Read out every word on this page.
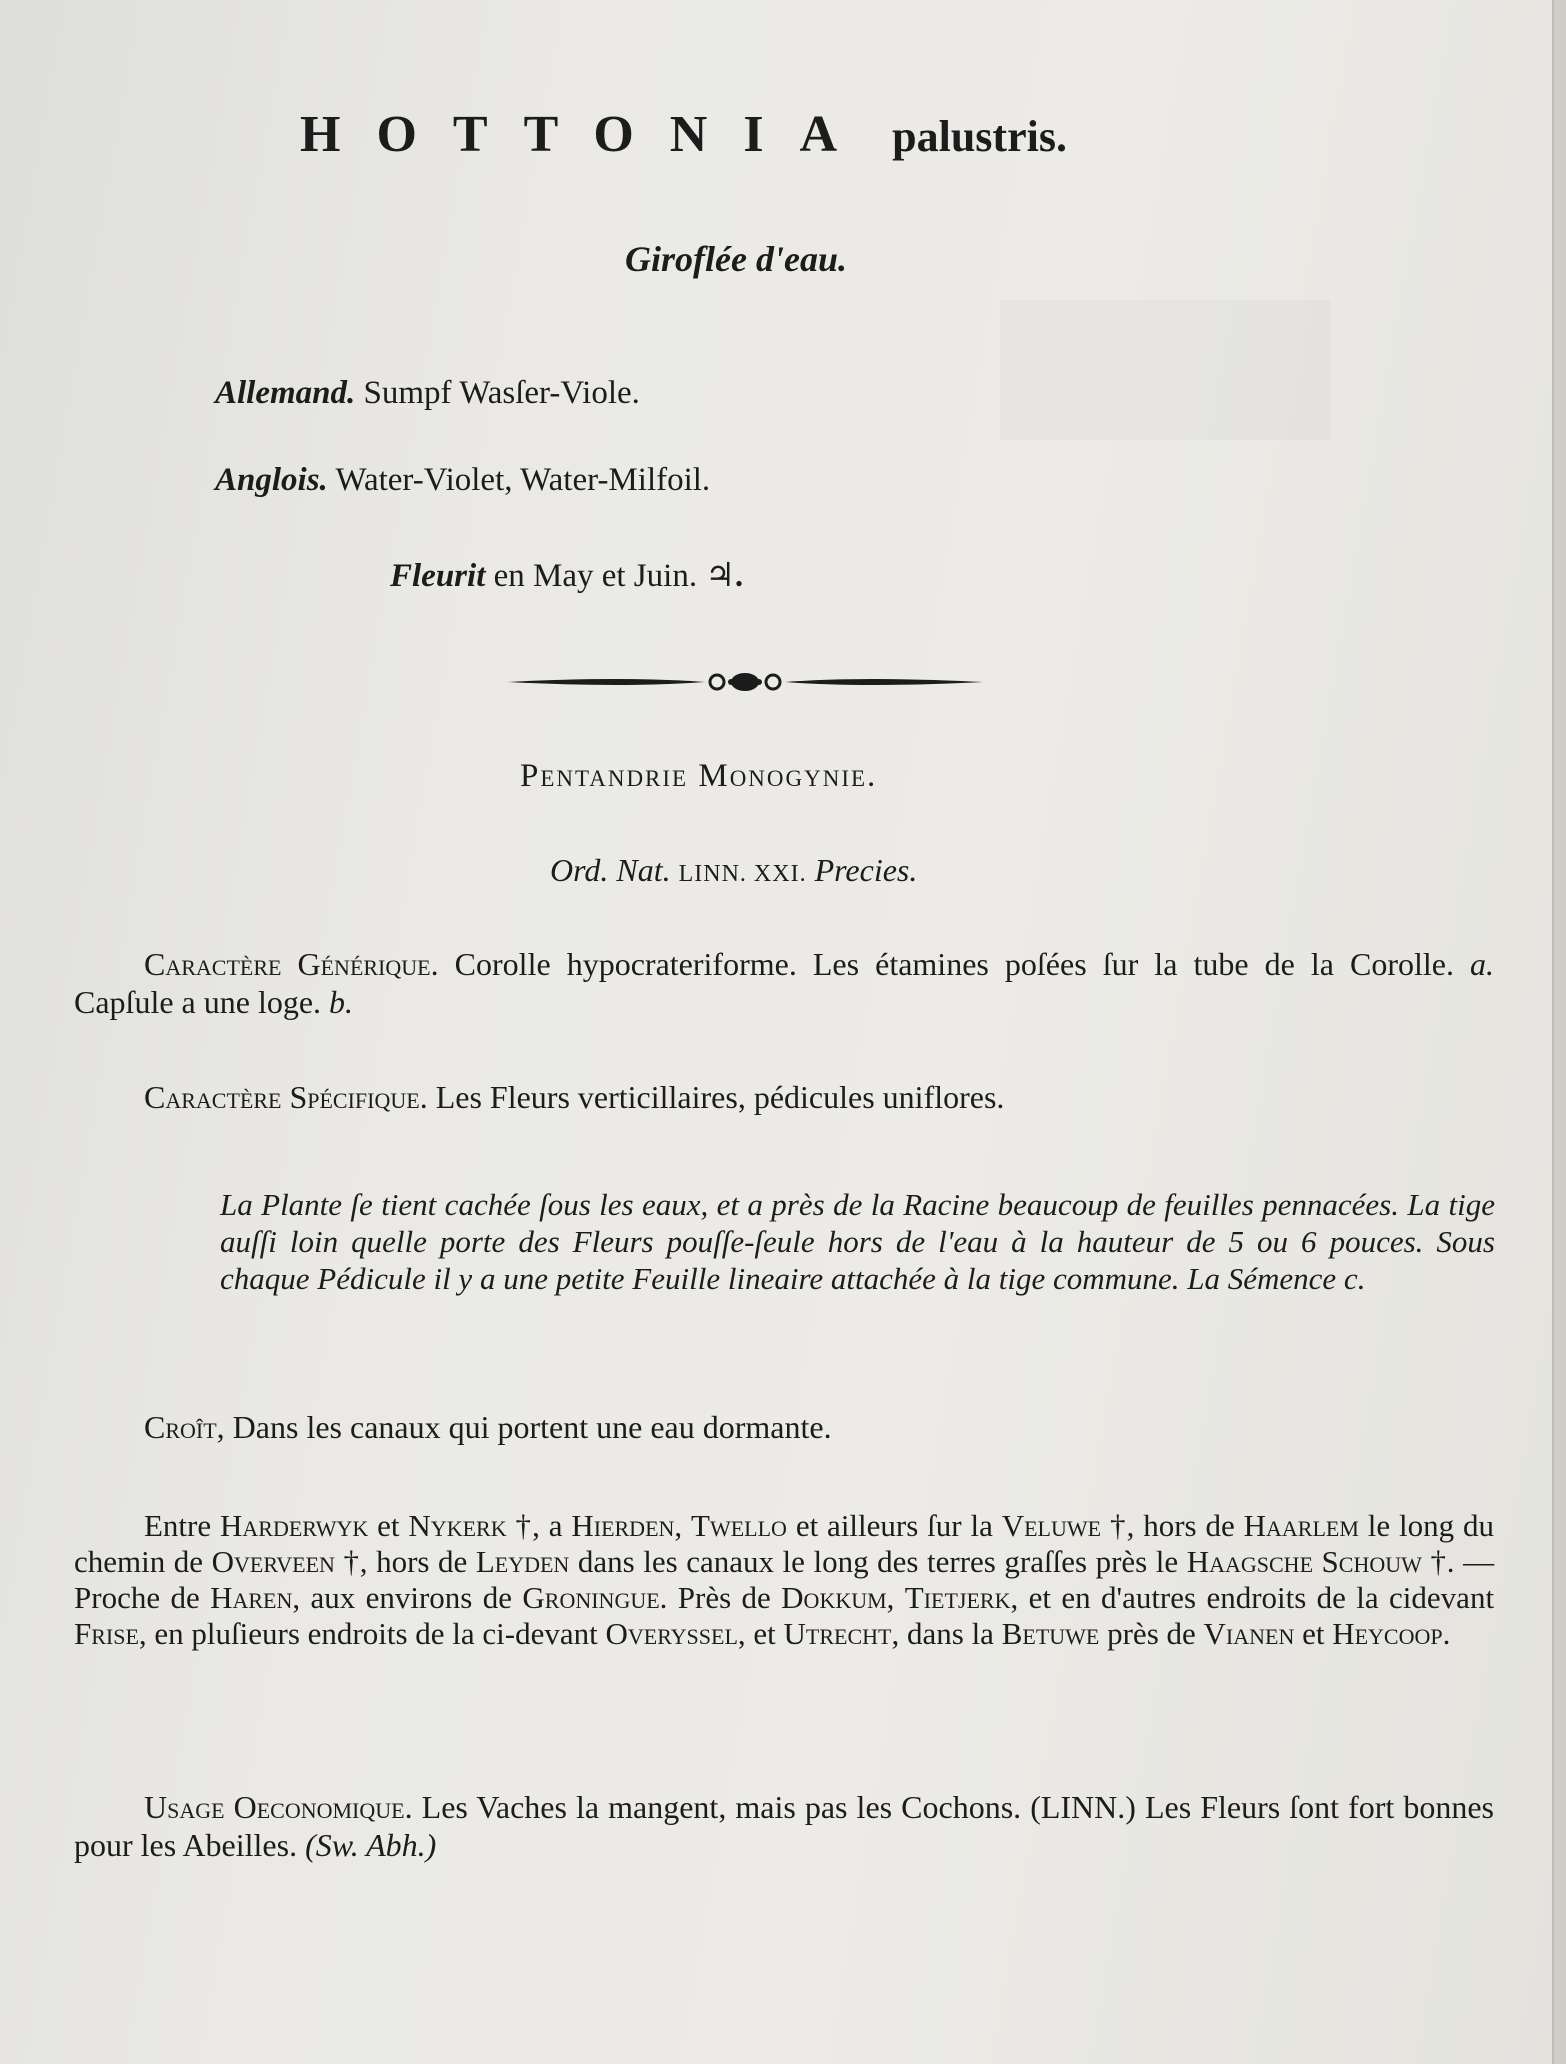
HOTTONIA palustris.
Giroflée d'eau.
Allemand. Sumpf Wasſer-Viole.
Anglois. Water-Violet, Water-Milfoil.
Fleurit en May et Juin. ♃.
Pentandrie Monogynie.
Ord. Nat. LINN. XXI. Precies.
Caractère Générique. Corolle hypocrateriforme. Les étamines poſées ſur la tube de la Corolle. a. Capſule a une loge. b.
Caractère Spécifique. Les Fleurs verticillaires, pédicules uniflores.
La Plante ſe tient cachée ſous les eaux, et a près de la Racine beaucoup de feuilles pennacées. La tige auſſi loin quelle porte des Fleurs pouſſe-ſeule hors de l'eau à la hauteur de 5 ou 6 pouces. Sous chaque Pédicule il y a une petite Feuille lineaire attachée à la tige commune. La Sémence c.
Croît, Dans les canaux qui portent une eau dormante.
Entre Harderwyk et Nykerk †, a Hierden, Twello et ailleurs ſur la Veluwe †, hors de Haarlem le long du chemin de Overveen †, hors de Leyden dans les canaux le long des terres graſſes près le Haagsche Schouw †. — Proche de Haren, aux environs de Groningue. Près de Dokkum, Tietjerk, et en d'autres endroits de la cidevant Frise, en pluſieurs endroits de la ci-devant Overyssel, et Utrecht, dans la Betuwe près de Vianen et Heycoop.
Usage Oeconomique. Les Vaches la mangent, mais pas les Cochons. (LINN.) Les Fleurs ſont fort bonnes pour les Abeilles. (Sw. Abh.)
